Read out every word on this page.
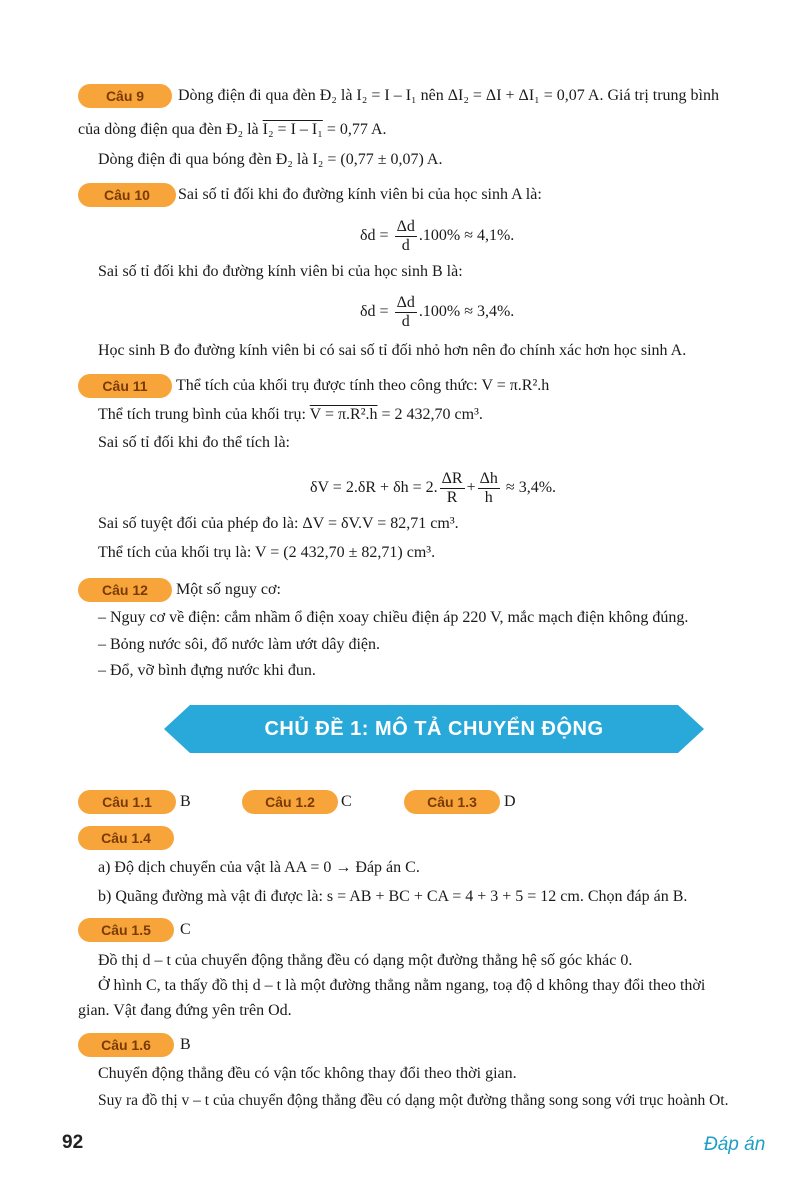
Câu 9	Dòng điện đi qua đèn Đ₂ là I₂ = I – I₁ nên ΔI₂ = ΔI + ΔI₁ = 0,07 A. Giá trị trung bình
của dòng điện qua đèn Đ₂ là I₂ = I – I₁ = 0,77 A.
Dòng điện đi qua bóng đèn Đ₂ là I₂ = (0,77 ± 0,07) A.
Câu 10	Sai số tỉ đối khi đo đường kính viên bi của học sinh A là:
$\delta d = \frac{\Delta d}{d} .100\% \approx 4,1\%$.
Sai số tỉ đối khi đo đường kính viên bi của học sinh B là:
$\delta d = \frac{\Delta d}{d} .100\% \approx 3,4\%$.
Học sinh B đo đường kính viên bi có sai số tỉ đối nhỏ hơn nên đo chính xác hơn học sinh A.
Câu 11	Thể tích của khối trụ được tính theo công thức: V = π.R².h
Thể tích trung bình của khối trụ: V = π.R².h = 2 432,70 cm³.
Sai số tỉ đối khi đo thể tích là:
δV = 2.δR + δh = 2. $\frac{\Delta R}{R} + \frac{\Delta h}{h} \approx 3,4\%$.
Sai số tuyệt đối của phép đo là: ΔV = δV.V = 82,71 cm³.
Thể tích của khối trụ là: V = (2 432,70 ± 82,71) cm³.
Câu 12	Một số nguy cơ:
– Nguy cơ về điện: cắm nhầm ổ điện xoay chiều điện áp 220 V, mắc mạch điện không đúng.
– Bỏng nước sôi, đổ nước làm ướt dây điện.
– Đổ, vỡ bình đựng nước khi đun.
CHỦ ĐỀ 1: MÔ TẢ CHUYỂN ĐỘNG
Câu 1.1	B	Câu 1.2	C	Câu 1.3	D
Câu 1.4
a) Độ dịch chuyển của vật là AA = 0 → Đáp án C.
b) Quãng đường mà vật đi được là: s = AB + BC + CA = 4 + 3 + 5 = 12 cm. Chọn đáp án B.
Câu 1.5	C
Đồ thị d – t của chuyển động thẳng đều có dạng một đường thẳng hệ số góc khác 0.
Ở hình C, ta thấy đồ thị d – t là một đường thẳng nằm ngang, toạ độ d không thay đổi theo thời
gian. Vật đang đứng yên trên Od.
Câu 1.6	B
Chuyển động thẳng đều có vận tốc không thay đổi theo thời gian.
Suy ra đồ thị v – t của chuyển động thẳng đều có dạng một đường thẳng song song với trục hoành Ot.
92	Đáp án
